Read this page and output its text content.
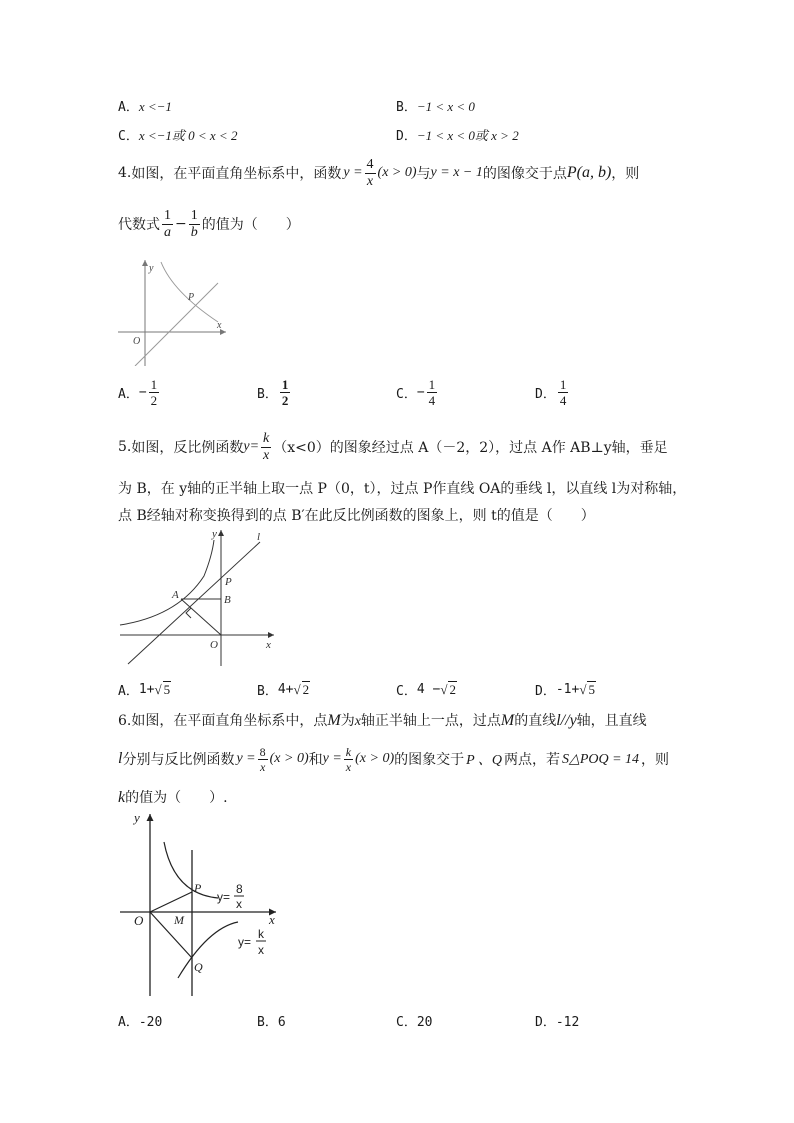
A．x <−1	B．−1 < x < 0
C．x <−1或 0 < x < 2	D．−1 < x < 0或 x > 2
4. 如图，在平面直角坐标系中，函数 $y = \frac{4}{x} (x > 0)$ 与 y = x − 1 的图像交于点 P(a, b) ，则
代数式 $\frac{1}{a} - \frac{1}{b}$ 的值为（　　）
y
x
O
P
A． − $\frac{1}{2}$	B． $\frac{1}{2}$	C． − $\frac{1}{4}$	D． $\frac{1}{4}$
5. 如图，反比例函数 $y= \frac{k}{x} (x<0)$的图象经过点 A（－2，2），过点 A作 AB⊥y轴，垂足
为 B，在 y轴的正半轴上取一点 P（0，t），过点 P作直线 OA的垂线 l，以直线 l为对称轴，
点 B经轴对称变换得到的点 B′在此反比例函数的图象上，则 t的值是（　　）
y
x
O
A	B
P
l
A． 1+ √ 5	B． 4+ √ 2	C． 4 − √ 2	D． -1+ √ 5
6.如图，在平面直角坐标系中，点M为x轴正半轴上一点，过点M的直线l//y轴，且直线
l 分别与反比例函数 $y = \frac{8}{x} (x > 0)$ 和 $y = \frac{k}{x} (x > 0)$ 的图象交于 P 、Q 两点，若 S△POQ = 14 ，则
k的值为（　　）.
y
x
O	M
P
Q
y=
8
x
y=
k
x
A．-20	B．6	C．20	D．-12
